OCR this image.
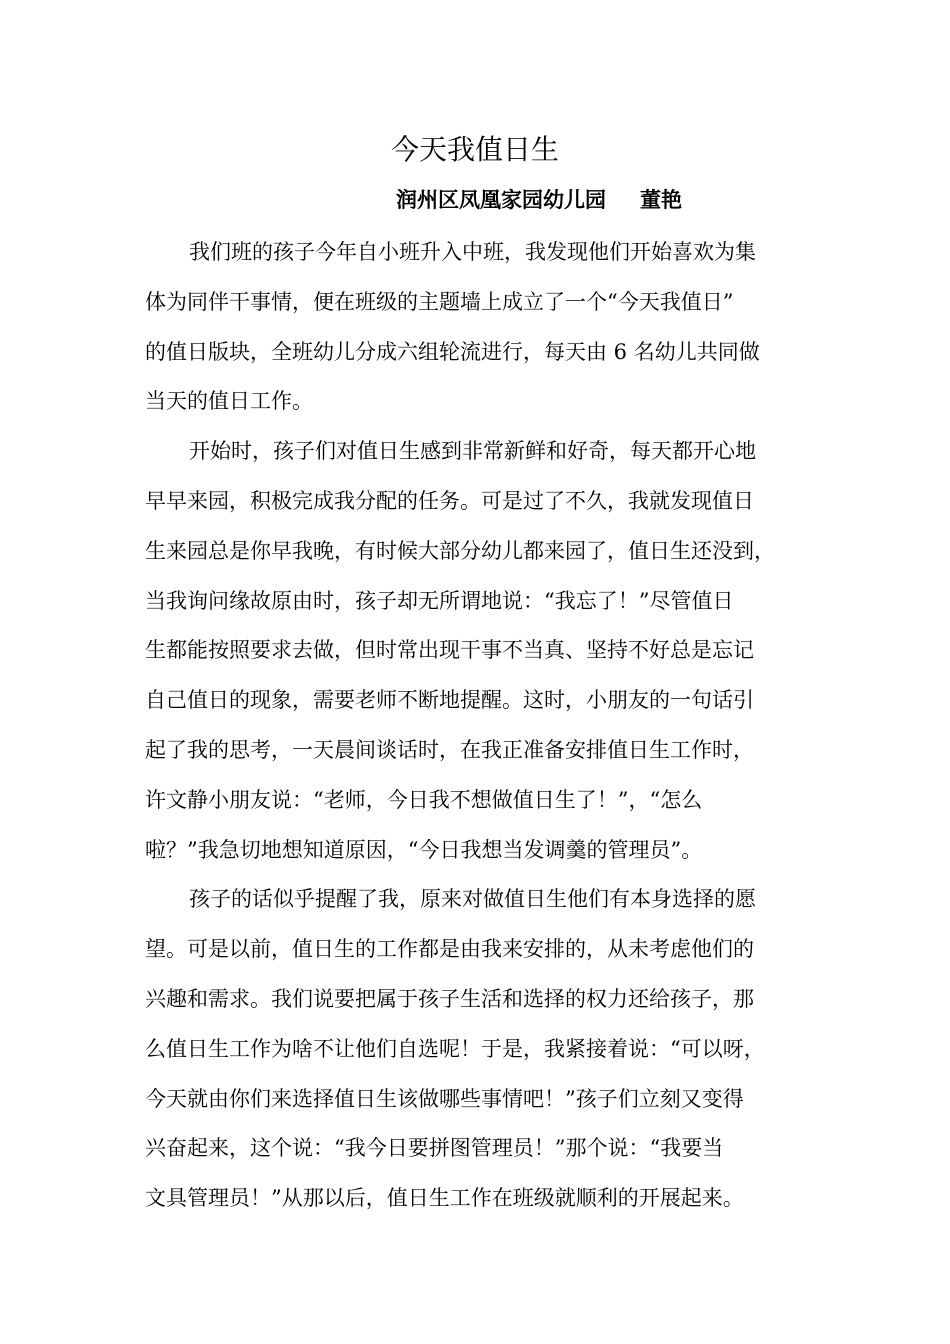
今天我值日生
润州区凤凰家园幼儿园 董艳
我们班的孩子今年自小班升入中班，我发现他们开始喜欢为集
体为同伴干事情，便在班级的主题墙上成立了一个“今天我值日”
的值日版块，全班幼儿分成六组轮流进行，每天由 6 名幼儿共同做
当天的值日工作。
开始时，孩子们对值日生感到非常新鲜和好奇，每天都开心地
早早来园，积极完成我分配的任务。可是过了不久，我就发现值日
生来园总是你早我晚，有时候大部分幼儿都来园了，值日生还没到，
当我询问缘故原由时，孩子却无所谓地说：“我忘了！”尽管值日
生都能按照要求去做，但时常出现干事不当真、坚持不好总是忘记
自己值日的现象，需要老师不断地提醒。这时，小朋友的一句话引
起了我的思考，一天晨间谈话时，在我正准备安排值日生工作时，
许文静小朋友说：“老师，今日我不想做值日生了！”，“怎么
啦？”我急切地想知道原因，“今日我想当发调羹的管理员”。
孩子的话似乎提醒了我，原来对做值日生他们有本身选择的愿
望。可是以前，值日生的工作都是由我来安排的，从未考虑他们的
兴趣和需求。我们说要把属于孩子生活和选择的权力还给孩子，那
么值日生工作为啥不让他们自选呢！于是，我紧接着说：“可以呀，
今天就由你们来选择值日生该做哪些事情吧！”孩子们立刻又变得
兴奋起来，这个说：“我今日要拼图管理员！”那个说：“我要当
文具管理员！”从那以后，值日生工作在班级就顺利的开展起来。
